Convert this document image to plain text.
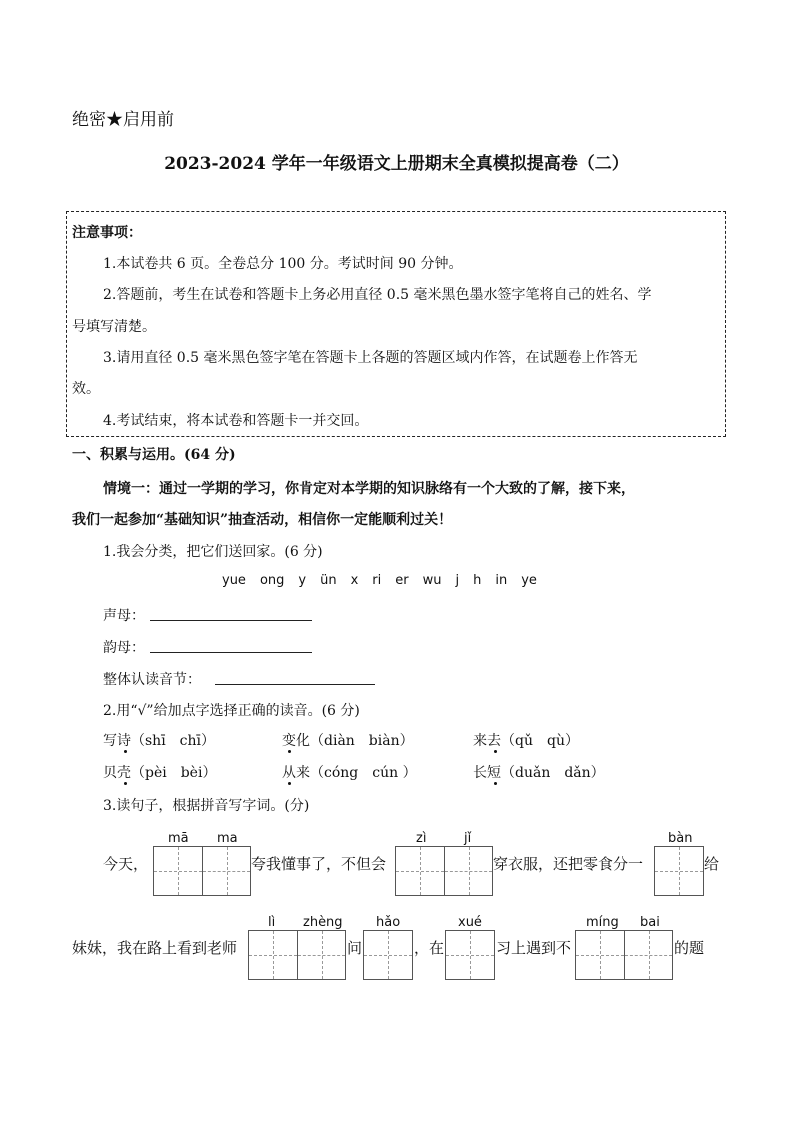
绝密★启用前
2023-2024 学年一年级语文上册期末全真模拟提高卷（二）
注意事项：
1.本试卷共 6 页。全卷总分 100 分。考试时间 90 分钟。
2.答题前，考生在试卷和答题卡上务必用直径 0.5 毫米黑色墨水签字笔将自己的姓名、学
号填写清楚。
3.请用直径 0.5 毫米黑色签字笔在答题卡上各题的答题区域内作答，在试题卷上作答无
效。
4.考试结束，将本试卷和答题卡一并交回。
一、积累与运用。(64 分)
情境一：通过一学期的学习，你肯定对本学期的知识脉络有一个大致的了解，接下来，
我们一起参加“基础知识”抽查活动，相信你一定能顺利过关！
1.我会分类，把它们送回家。(6 分)
yue ong y ün x ri er wu j h in ye
声母：
韵母：
整体认读音节：
2.用“√”给加点字选择正确的读音。(6 分)
写诗（shī　chī）	变化（diàn　biàn）	来去（qǔ　qù）
贝壳（pèi　bèi）	从来（cóng　cún ）	长短（duǎn　dǎn）
3.读句子，根据拼音写字词。(分)
mā ma	zì	jǐ	bàn
今天，	夸我懂事了，不但会	穿衣服，还把零食分一	给
lì zhèng	hǎo	xué	míng bai
妹妹，我在路上看到老师	问	，在	习上遇到不	的题
